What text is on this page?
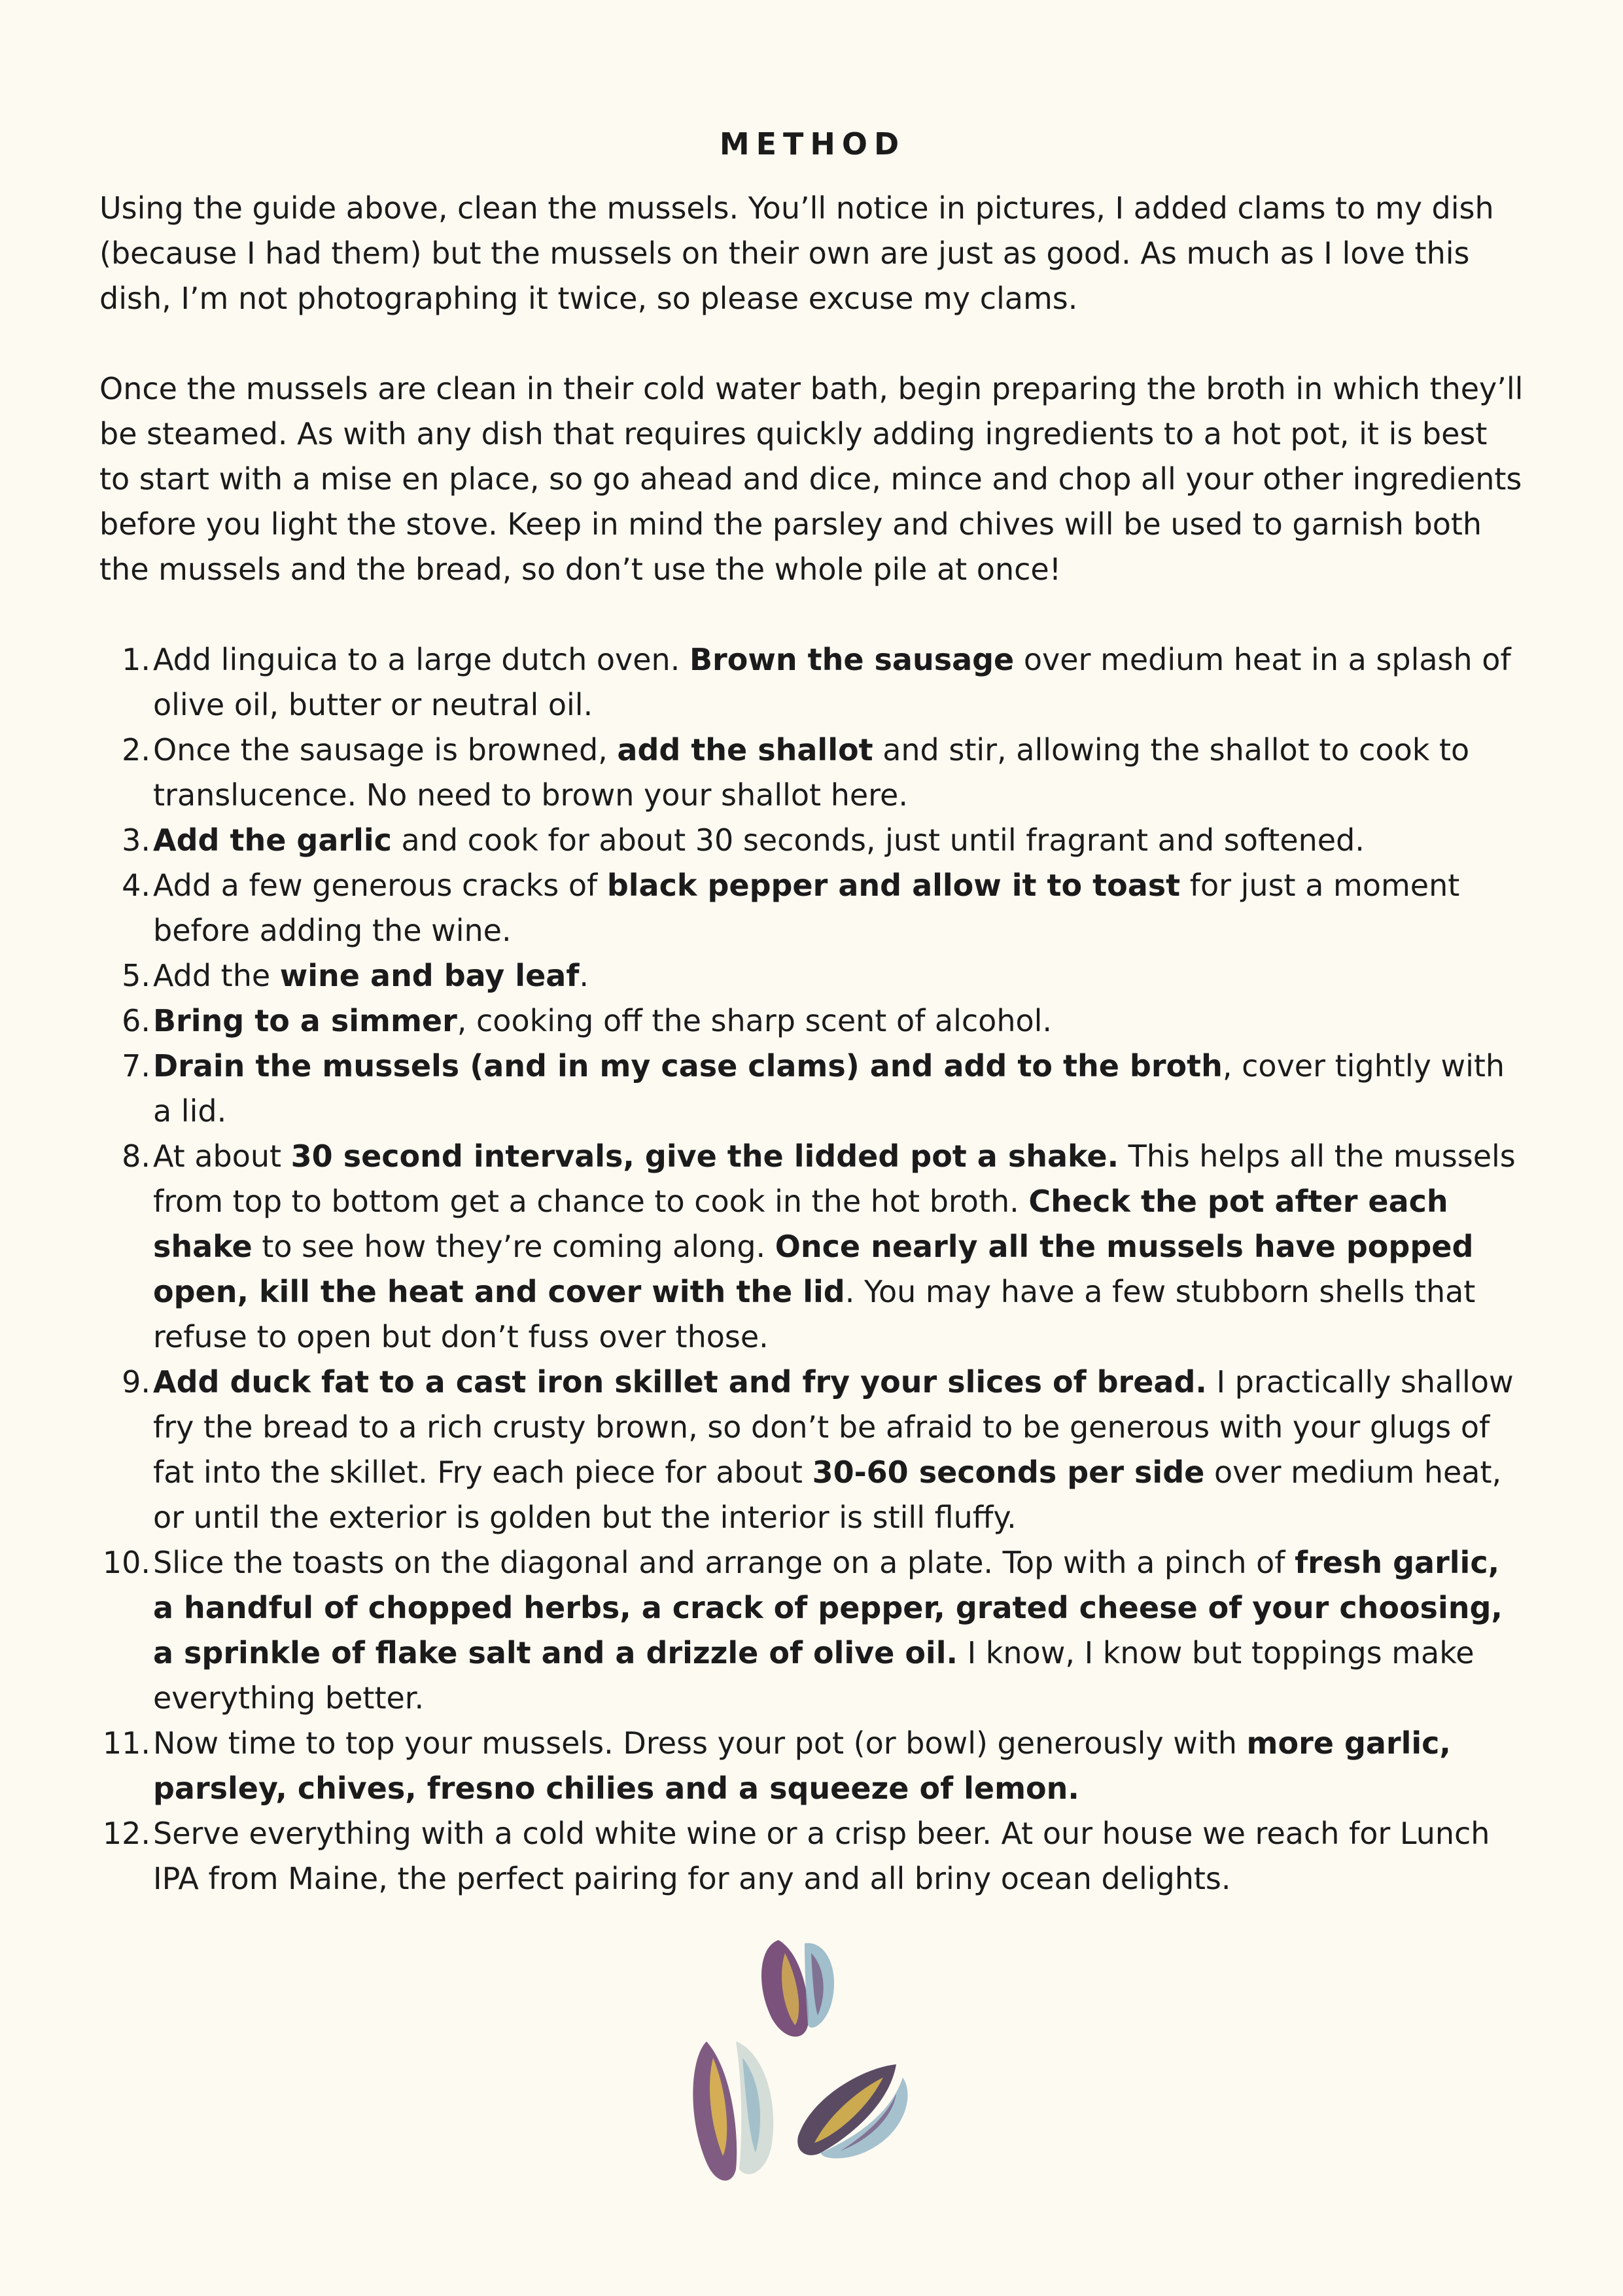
METHOD

Using the guide above, clean the mussels. You’ll notice in pictures, I added clams to my dish (because I had them) but the mussels on their own are just as good. As much as I love this dish, I’m not photographing it twice, so please excuse my clams.

Once the mussels are clean in their cold water bath, begin preparing the broth in which they’ll be steamed. As with any dish that requires quickly adding ingredients to a hot pot, it is best to start with a mise en place, so go ahead and dice, mince and chop all your other ingredients before you light the stove. Keep in mind the parsley and chives will be used to garnish both the mussels and the bread, so don’t use the whole pile at once!

1. Add linguica to a large dutch oven. Brown the sausage over medium heat in a splash of olive oil, butter or neutral oil.
2. Once the sausage is browned, add the shallot and stir, allowing the shallot to cook to translucence. No need to brown your shallot here.
3. Add the garlic and cook for about 30 seconds, just until fragrant and softened.
4. Add a few generous cracks of black pepper and allow it to toast for just a moment before adding the wine.
5. Add the wine and bay leaf.
6. Bring to a simmer, cooking off the sharp scent of alcohol.
7. Drain the mussels (and in my case clams) and add to the broth, cover tightly with a lid.
8. At about 30 second intervals, give the lidded pot a shake. This helps all the mussels from top to bottom get a chance to cook in the hot broth. Check the pot after each shake to see how they’re coming along. Once nearly all the mussels have popped open, kill the heat and cover with the lid. You may have a few stubborn shells that refuse to open but don’t fuss over those.
9. Add duck fat to a cast iron skillet and fry your slices of bread. I practically shallow fry the bread to a rich crusty brown, so don’t be afraid to be generous with your glugs of fat into the skillet. Fry each piece for about 30-60 seconds per side over medium heat, or until the exterior is golden but the interior is still fluffy.
10. Slice the toasts on the diagonal and arrange on a plate. Top with a pinch of fresh garlic, a handful of chopped herbs, a crack of pepper, grated cheese of your choosing, a sprinkle of flake salt and a drizzle of olive oil. I know, I know but toppings make everything better.
11. Now time to top your mussels. Dress your pot (or bowl) generously with more garlic, parsley, chives, fresno chilies and a squeeze of lemon.
12. Serve everything with a cold white wine or a crisp beer. At our house we reach for Lunch IPA from Maine, the perfect pairing for any and all briny ocean delights.
